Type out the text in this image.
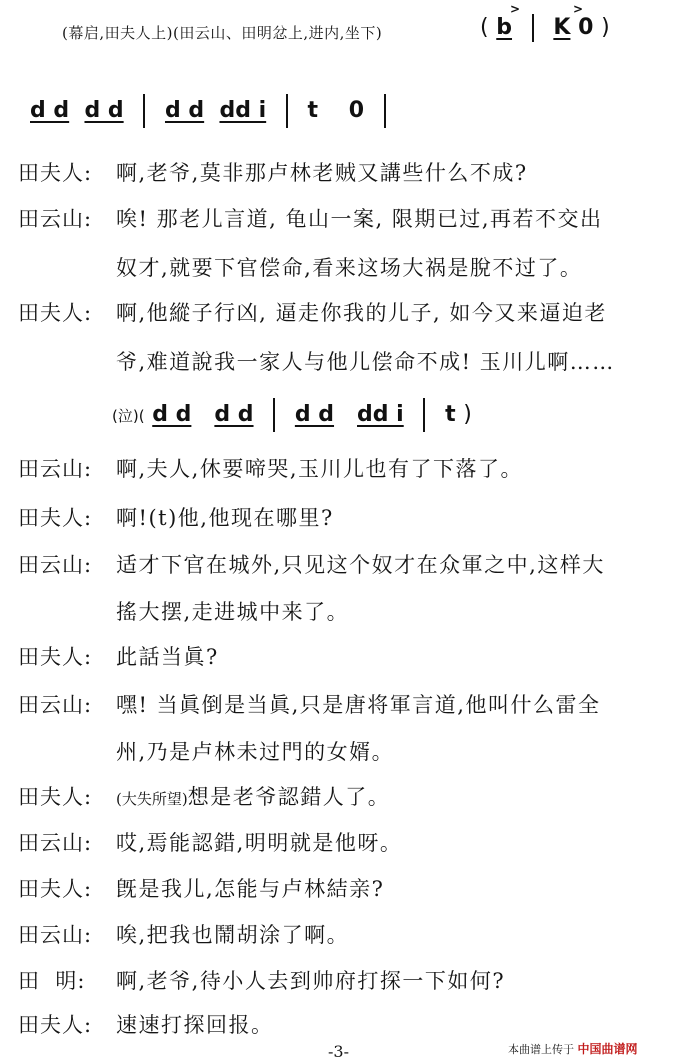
(幕启,田夫人上)(田云山、田明忿上,进内,坐下)	( b K 0 )
>	>
d d d d d d dd i t 0
田夫人: 啊,老爷,莫非那卢林老贼又講些什么不成?
田云山: 唉! 那老儿言道, 龟山一案, 限期已过,再若不交出
奴才,就要下官偿命,看来这场大祸是脫不过了。
田夫人: 啊,他縱子行凶, 逼走你我的儿子, 如今又来逼迫老
爷,难道說我一家人与他儿偿命不成! 玉川儿啊……
(泣)( d d d d d d dd i t )
田云山: 啊,夫人,休要啼哭,玉川儿也有了下落了。
田夫人: 啊!(t)他,他现在哪里?
田云山: 适才下官在城外,只见这个奴才在众軍之中,这样大
搖大摆,走进城中来了。
田夫人: 此話当眞?
田云山: 嘿! 当眞倒是当眞,只是唐将軍言道,他叫什么雷全
州,乃是卢林未过門的女婿。
田夫人: (大失所望)想是老爷認錯人了。
田云山: 哎,焉能認錯,明明就是他呀。
田夫人: 旣是我儿,怎能与卢林結亲?
田云山: 唉,把我也鬧胡涂了啊。
田  明: 啊,老爷,待小人去到帅府打探一下如何?
田夫人: 速速打探回报。
-3-	本曲谱上传于 中国曲谱网
